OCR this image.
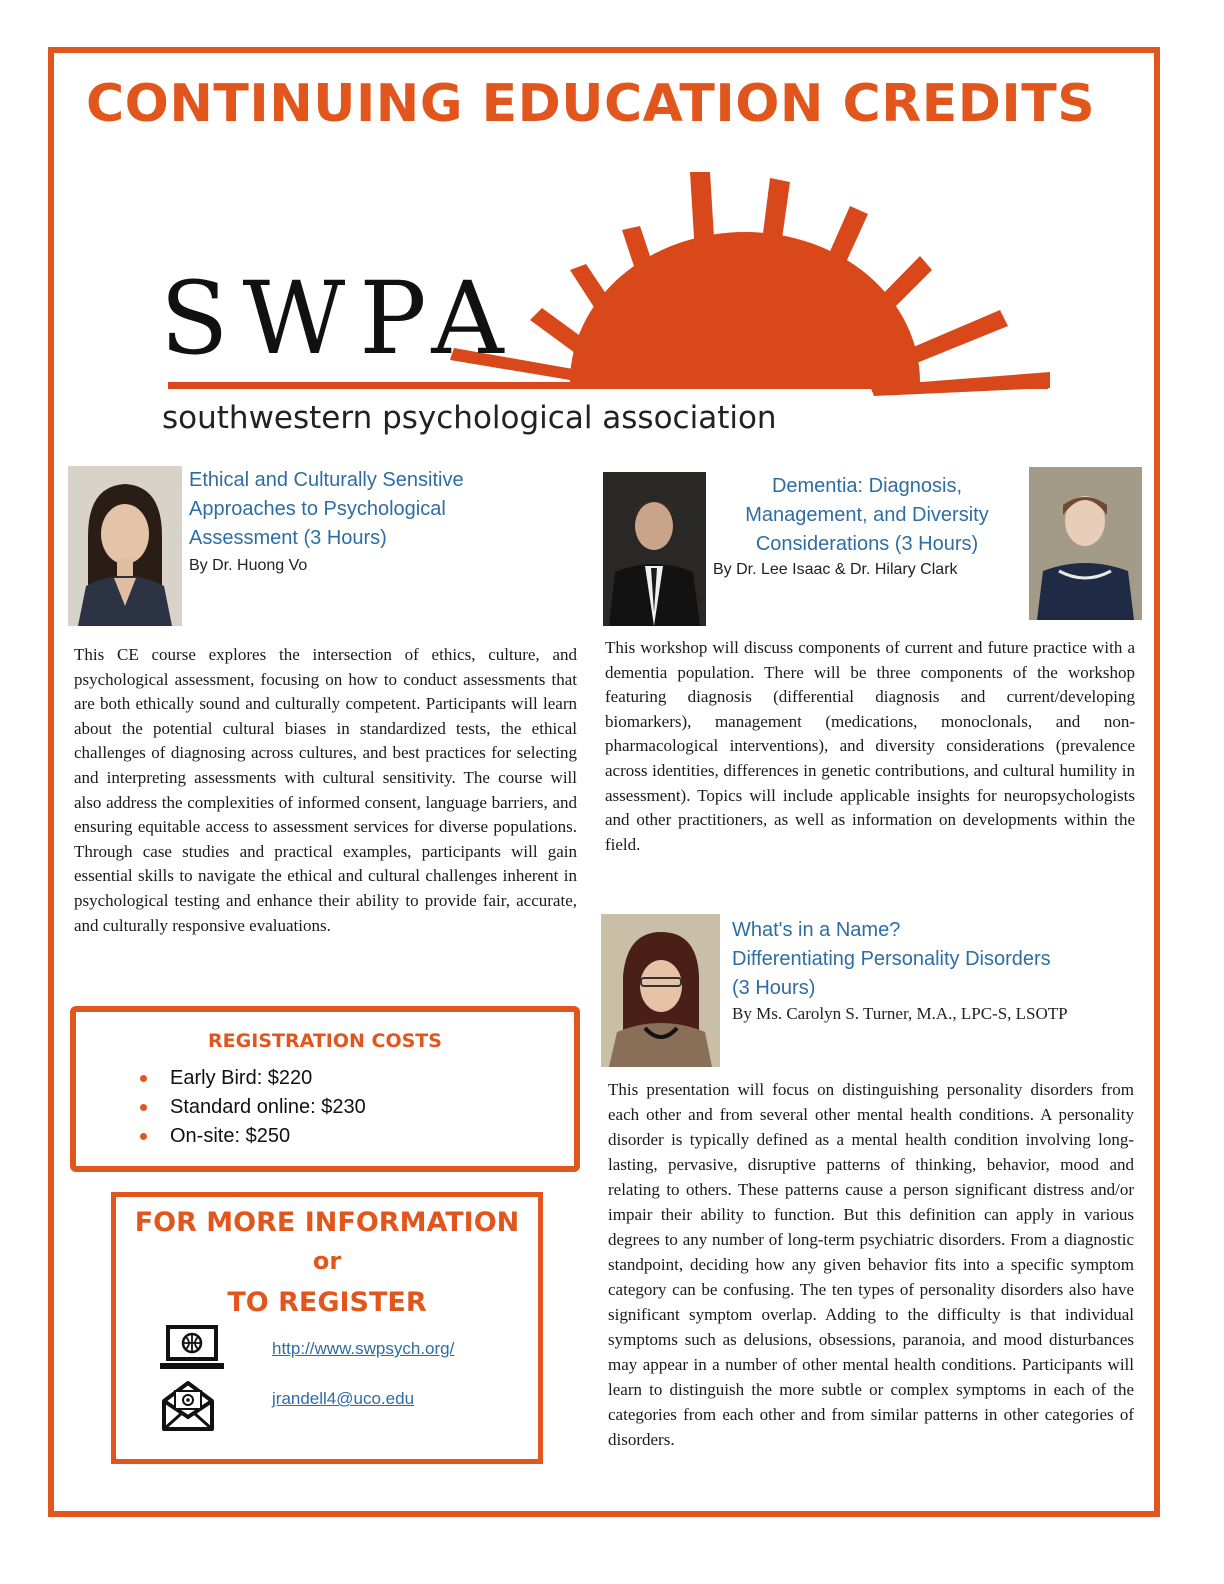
CONTINUING EDUCATION CREDITS

SWPA

southwestern psychological association

Ethical and Culturally Sensitive
Approaches to Psychological
Assessment (3 Hours)

By Dr. Huong Vo

This CE course explores the intersection of ethics, culture, and psychological assessment, focusing on how to conduct assessments that are both ethically sound and culturally competent. Participants will learn about the potential cultural biases in standardized tests, the ethical challenges of diagnosing across cultures, and best practices for selecting and interpreting assessments with cultural sensitivity. The course will also address the complexities of informed consent, language barriers, and ensuring equitable access to assessment services for diverse populations. Through case studies and practical examples, participants will gain essential skills to navigate the ethical and cultural challenges inherent in psychological testing and enhance their ability to provide fair, accurate, and culturally responsive evaluations.

Dementia: Diagnosis,
Management, and Diversity
Considerations (3 Hours)

By Dr. Lee Isaac & Dr. Hilary Clark

This workshop will discuss components of current and future practice with a dementia population. There will be three components of the workshop featuring diagnosis (differential diagnosis and current/developing biomarkers), management (medications, monoclonals, and non-pharmacological interventions), and diversity considerations (prevalence across identities, differences in genetic contributions, and cultural humility in assessment). Topics will include applicable insights for neuropsychologists and other practitioners, as well as information on developments within the field.

What's in a Name?
Differentiating Personality Disorders
(3 Hours)

By Ms. Carolyn S. Turner, M.A., LPC-S, LSOTP

This presentation will focus on distinguishing personality disorders from each other and from several other mental health conditions. A personality disorder is typically defined as a mental health condition involving long-lasting, pervasive, disruptive patterns of thinking, behavior, mood and relating to others. These patterns cause a person significant distress and/or impair their ability to function. But this definition can apply in various degrees to any number of long-term psychiatric disorders. From a diagnostic standpoint, deciding how any given behavior fits into a specific symptom category can be confusing. The ten types of personality disorders also have significant symptom overlap. Adding to the difficulty is that individual symptoms such as delusions, obsessions, paranoia, and mood disturbances may appear in a number of other mental health conditions. Participants will learn to distinguish the more subtle or complex symptoms in each of the categories from each other and from similar patterns in other categories of disorders.

REGISTRATION COSTS
Early Bird: $220
Standard online: $230
On-site: $250

FOR MORE INFORMATION

or

TO REGISTER

http://www.swpsych.org/
jrandell4@uco.edu
